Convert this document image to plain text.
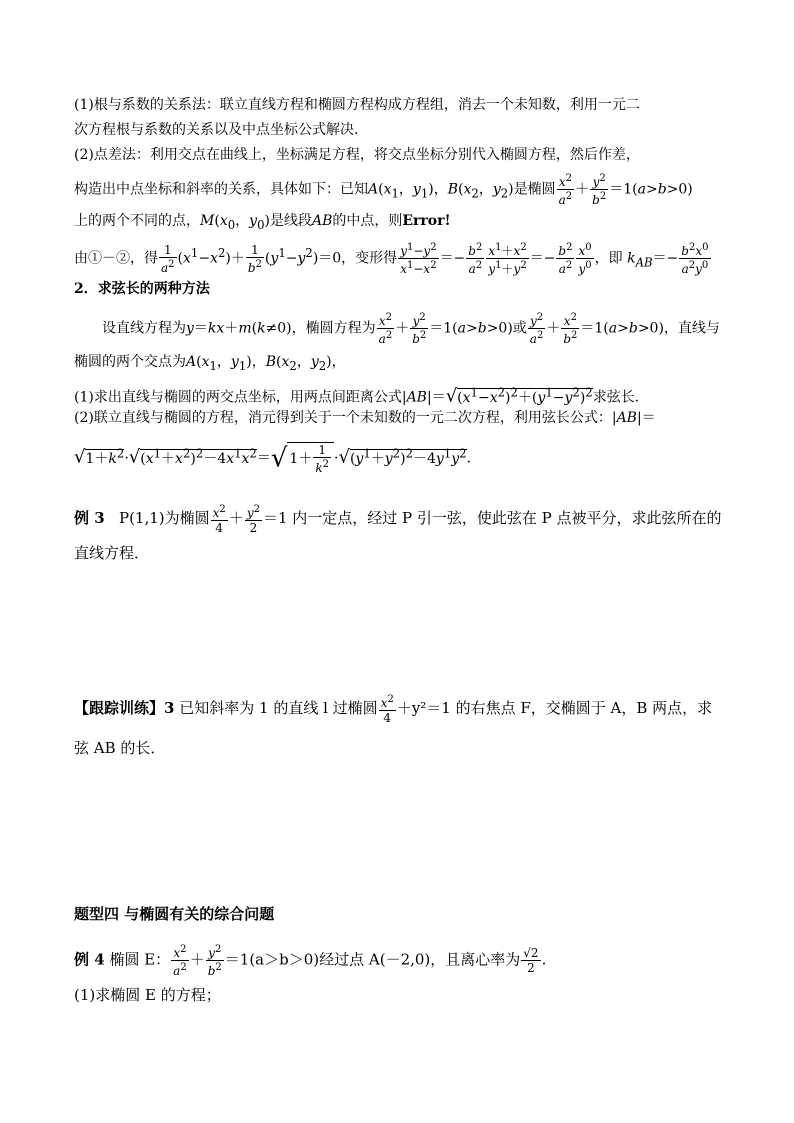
(1)根与系数的关系法：联立直线方程和椭圆方程构成方程组，消去一个未知数，利用一元二
次方程根与系数的关系以及中点坐标公式解决．
(2)点差法：利用交点在曲线上，坐标满足方程，将交点坐标分别代入椭圆方程，然后作差，
构造出中点坐标和斜率的关系，具体如下：已知$A(x_1$，$y_1$)，$B(x_2$，$y_2$)是椭圆 $\frac{x^2}{a^2} + \frac{y^2}{b^2} =1(a>b>0)$
上的两个不同的点，$M(x_0$，$y_0$)是线段AB的中点，则Error!
由①－②，得 $\frac{1}{a^2} (x^1-x^2)+ \frac{1}{b^2} (y^1-y^2)=0$，变形得 $\frac{y^1-y^2}{x^1-x^2} =- \frac{b^2}{a^2} \frac{x^1+x^2}{y^1+y^2} =- \frac{b^2}{a^2} \frac{x^0}{y^0}$ ，即 $k_{AB}=- \frac{b^2x^0}{a^2y^0}$
2．求弦长的两种方法
设直线方程为y＝kx＋m(k≠0)，椭圆方程为 $\frac{x^2}{a^2} + \frac{y^2}{b^2} =1(a>b>0)$或 $\frac{y^2}{a^2} + \frac{x^2}{b^2} =1(a>b>0)$，直线与
椭圆的两个交点为$A(x_1$，$y_1$)，$B(x_2$，$y_2$)，
(1)求出直线与椭圆的两交点坐标，用两点间距离公式$|AB|=√(x^1-x^2)^2+(y^1-y^2)^2$求弦长．
(2)联立直线与椭圆的方程，消元得到关于一个未知数的一元二次方程，利用弦长公式：|AB|＝
$√1+k^2\cdot√(x^1+x^2)^2-4x^1x^2=√$ $1+ \frac{1}{k^2} \cdot√(y^1+y^2)^2-4y^1y^2$．
例 3 P(1,1)为椭圆 $\frac{x^2}{4} + \frac{y^2}{2} =1$ 内一定点，经过 P 引一弦，使此弦在 P 点被平分，求此弦所在的
直线方程．
【跟踪训练】3 已知斜率为 1 的直线 l 过椭圆 $\frac{x^2}{4} +y^2=1$ 的右焦点 F，交椭圆于 A，B 两点，求
弦 AB 的长．
题型四 与椭圆有关的综合问题
例 4 椭圆 E： $\frac{x^2}{a^2} + \frac{y^2}{b^2} =1(a>b>0)$经过点 A(－2,0)，且离心率为 $\frac{√2}{2}$ .
(1)求椭圆 E 的方程；
